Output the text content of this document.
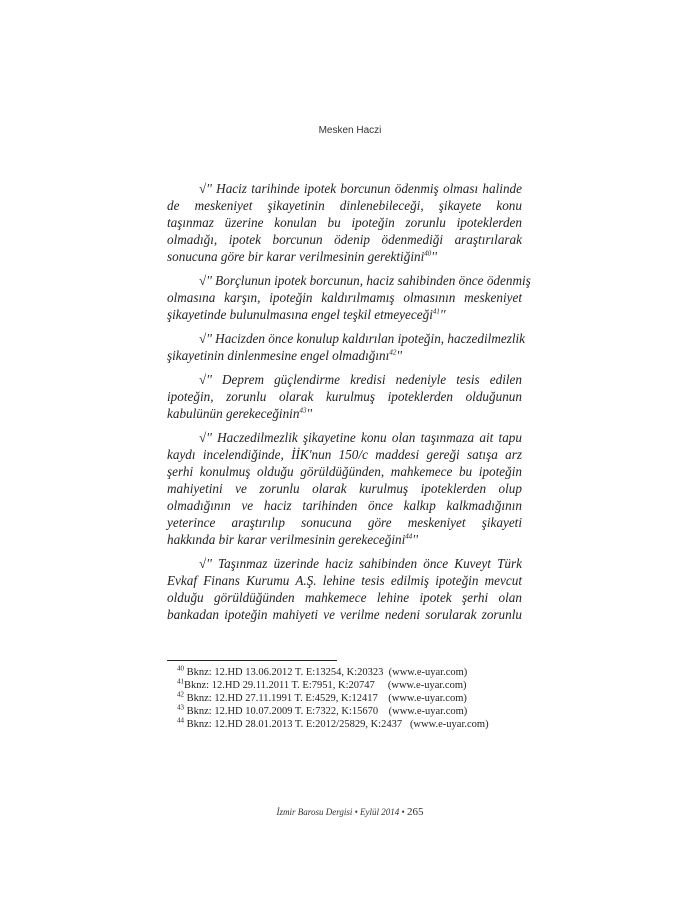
Mesken Haczi
√'' Haciz tarihinde ipotek borcunun ödenmiş olması halinde
de meskeniyet şikayetinin dinlenebileceği, şikayete konu
taşınmaz üzerine konulan bu ipoteğin zorunlu ipoteklerden
olmadığı, ipotek borcunun ödenip ödenmediği araştırılarak
sonucuna göre bir karar verilmesinin gerektiğini$^{40}$''
√'' Borçlunun ipotek borcunun, haciz sahibinden önce ödenmiş
olmasına karşın, ipoteğin kaldırılmamış olmasının meskeniyet
şikayetinde bulunulmasına engel teşkil etmeyeceği$^{41}$''
√'' Hacizden önce konulup kaldırılan ipoteğin, haczedilmezlik
şikayetinin dinlenmesine engel olmadığını$^{42}$''
√'' Deprem güçlendirme kredisi nedeniyle tesis edilen
ipoteğin, zorunlu olarak kurulmuş ipoteklerden olduğunun
kabulünün gerekeceğinin$^{43}$''
√'' Haczedilmezlik şikayetine konu olan taşınmaza ait tapu
kaydı incelendiğinde, İİK'nun 150/c maddesi gereği satışa arz
şerhi konulmuş olduğu görüldüğünden, mahkemece bu ipoteğin
mahiyetini ve zorunlu olarak kurulmuş ipoteklerden olup
olmadığının ve haciz tarihinden önce kalkıp kalkmadığının
yeterince araştırılıp sonucuna göre meskeniyet şikayeti
hakkında bir karar verilmesinin gerekeceğini$^{44}$''
√'' Taşınmaz üzerinde haciz sahibinden önce Kuveyt Türk
Evkaf Finans Kurumu A.Ş. lehine tesis edilmiş ipoteğin mevcut
olduğu görüldüğünden mahkemece lehine ipotek şerhi olan
bankadan ipoteğin mahiyeti ve verilme nedeni sorularak zorunlu
$^{40}$ Bknz: 12.HD 13.06.2012 T. E:13254, K:20323  (www.e-uyar.com)
$^{41}$Bknz: 12.HD 29.11.2011 T. E:7951, K:20747     (www.e-uyar.com)
$^{42}$ Bknz: 12.HD 27.11.1991 T. E:4529, K:12417    (www.e-uyar.com)
$^{43}$ Bknz: 12.HD 10.07.2009 T. E:7322, K:15670    (www.e-uyar.com)
$^{44}$ Bknz: 12.HD 28.01.2013 T. E:2012/25829, K:2437   (www.e-uyar.com)
İzmir Barosu Dergisi • Eylül 2014 • 265
